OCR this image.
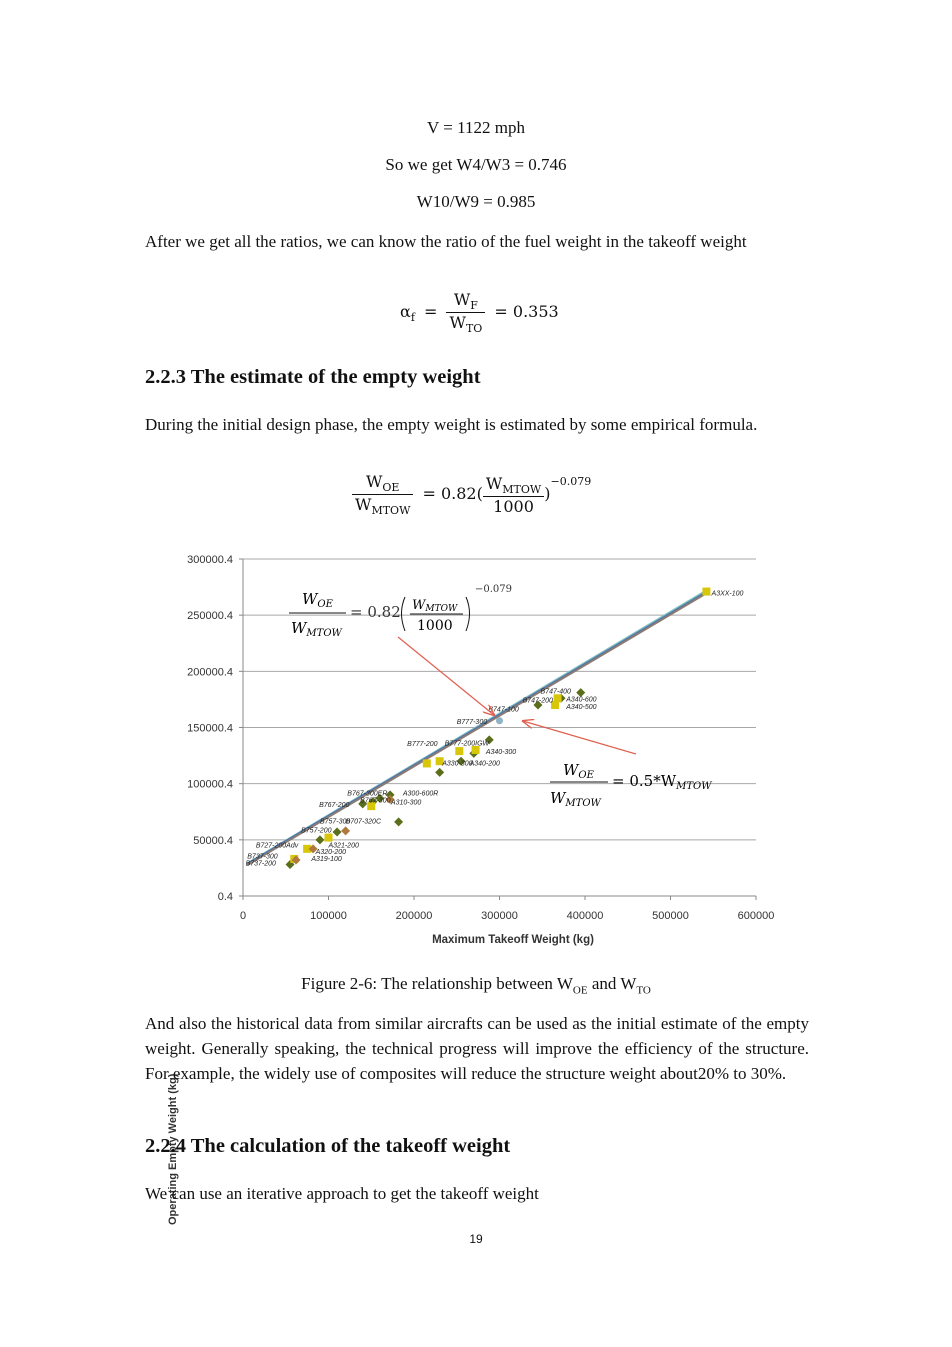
V = 1122 mph
So we get W4/W3 = 0.746
W10/W9 = 0.985
After we get all the ratios, we can know the ratio of the fuel weight in the takeoff weight
$\alpha_f = \frac{W_F}{W_{TO}} = 0.353$
2.2.3 The estimate of the empty weight
During the initial design phase, the empty weight is estimated by some empirical formula.
$\frac{W_{OE}}{W_{MTOW}} = 0.82( \frac{W_{MTOW}}{1000} )^{-0.079}$
0.4
50000.4
100000.4
150000.4
200000.4
250000.4
300000.4
0	100000	200000	300000	400000	500000	600000
A3XX-100
B747-400
B747-200 A340-600
A340-500
B747-100
B777-300
B777-200 B777-200IGW
A340-300
A330-300
A340-200
A300-600R
A310-300
B767-300ER
B767-300
B767-200
B757-300
B707-320C
B757-200
A321-200
B727-200Adv
A320-200
A319-100
B737-300
B737-200
Operating Empty Weight (kg)
Maximum Takeoff Weight (kg)
$W_{OE}$
$W_{MTOW}$
= 0.82 WMTOW
1000
−0.079
$W_{OE}$
$W_{MTOW}$
= $0.5*W_{MTOW}$
Figure 2-6: The relationship between $W_{OE}$ and $W_{TO}$
And also the historical data from similar aircrafts can be used as the initial estimate of the empty weight. Generally speaking, the technical progress will improve the efficiency of the structure. For example, the widely use of composites will reduce the structure weight about20% to 30%.
2.2.4 The calculation of the takeoff weight
We can use an iterative approach to get the takeoff weight
19
